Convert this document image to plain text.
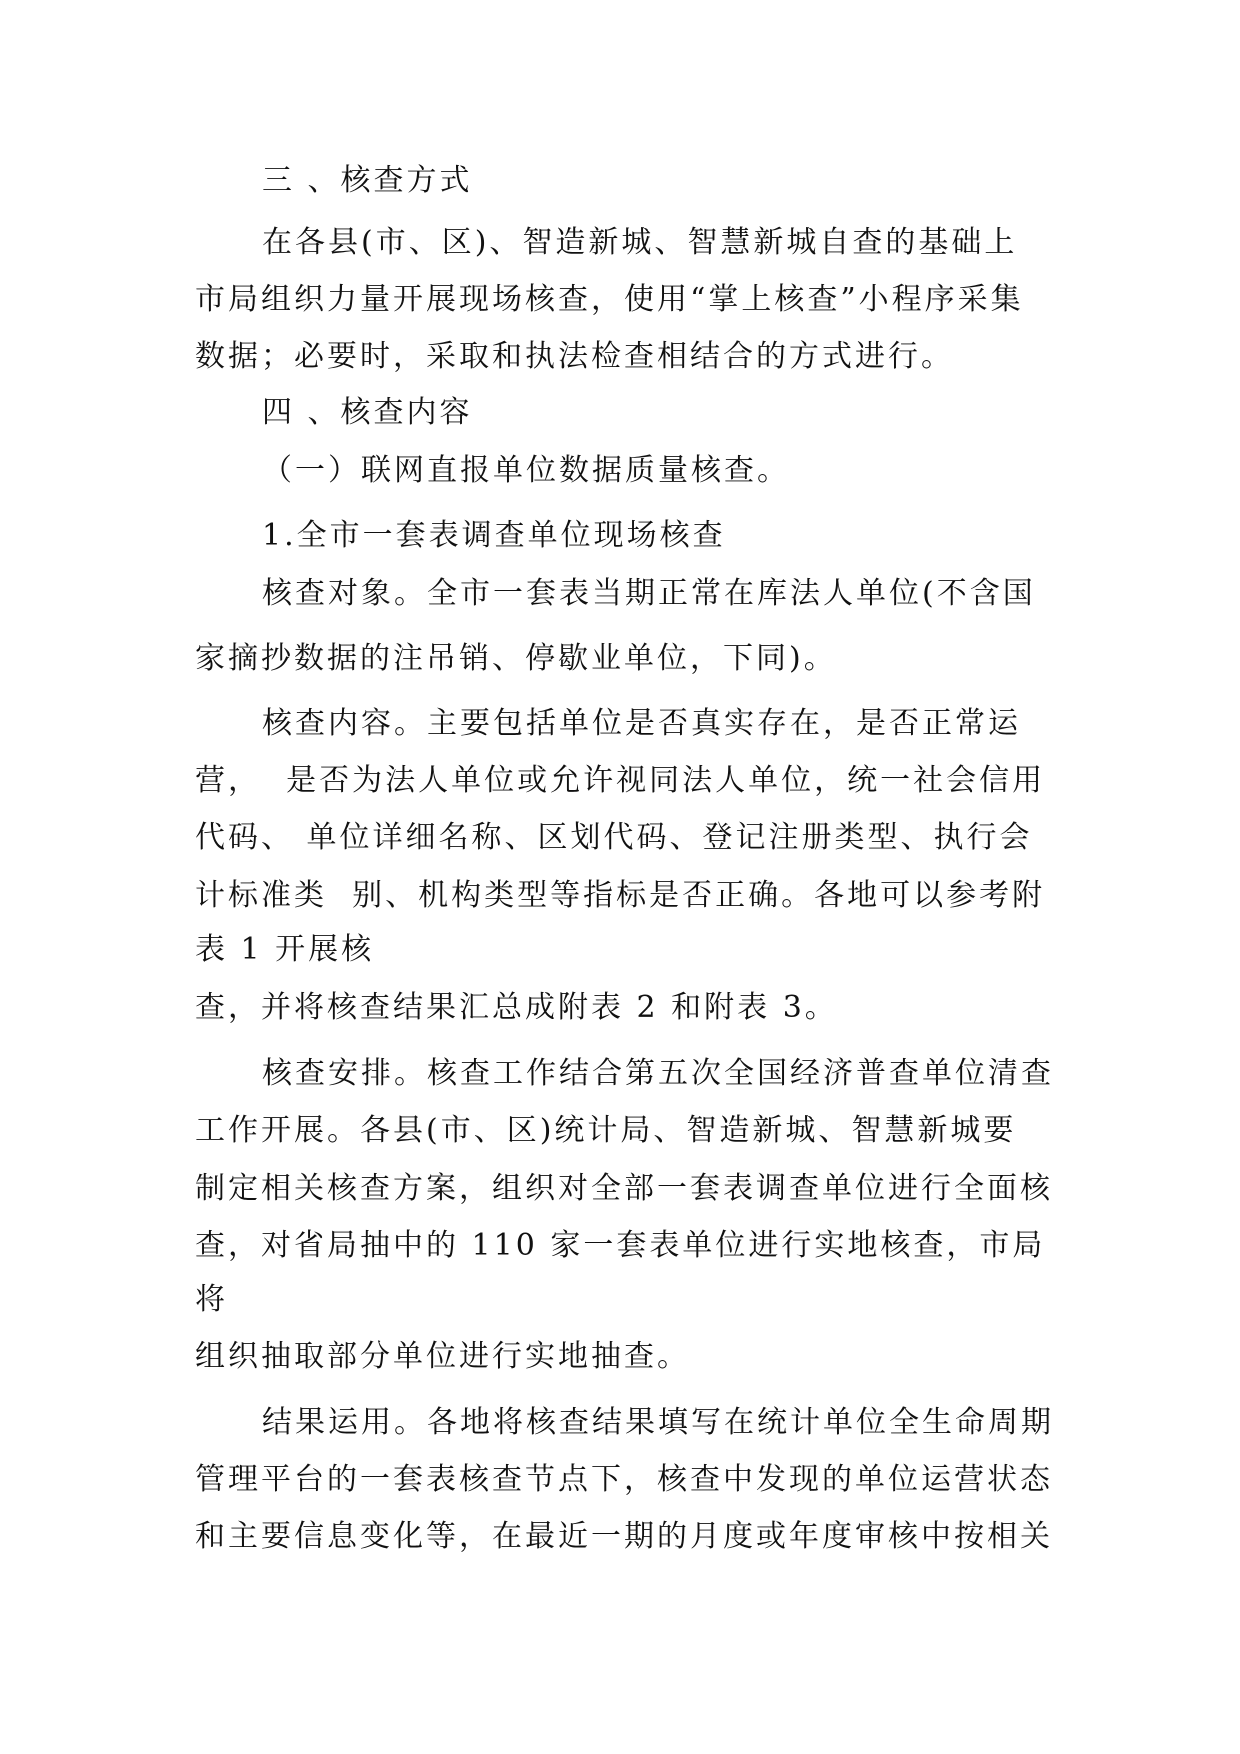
三 、核查方式
在各县(市、区)、智造新城、智慧新城自查的基础上
市局组织力量开展现场核查，使用“掌上核查”小程序采集
数据；必要时，采取和执法检查相结合的方式进行。
四 、核查内容
（一）联网直报单位数据质量核查。
1.全市一套表调查单位现场核查
核查对象。全市一套表当期正常在库法人单位(不含国
家摘抄数据的注吊销、停歇业单位，下同)。
核查内容。主要包括单位是否真实存在，是否正常运
营，  是否为法人单位或允许视同法人单位，统一社会信用
代码、 单位详细名称、区划代码、登记注册类型、执行会
计标准类  别、机构类型等指标是否正确。各地可以参考附
表 1 开展核
查，并将核查结果汇总成附表 2 和附表 3。
核查安排。核查工作结合第五次全国经济普查单位清查
工作开展。各县(市、区)统计局、智造新城、智慧新城要
制定相关核查方案，组织对全部一套表调查单位进行全面核
查，对省局抽中的 110 家一套表单位进行实地核查，市局
将
组织抽取部分单位进行实地抽查。
结果运用。各地将核查结果填写在统计单位全生命周期
管理平台的一套表核查节点下，核查中发现的单位运营状态
和主要信息变化等，在最近一期的月度或年度审核中按相关
